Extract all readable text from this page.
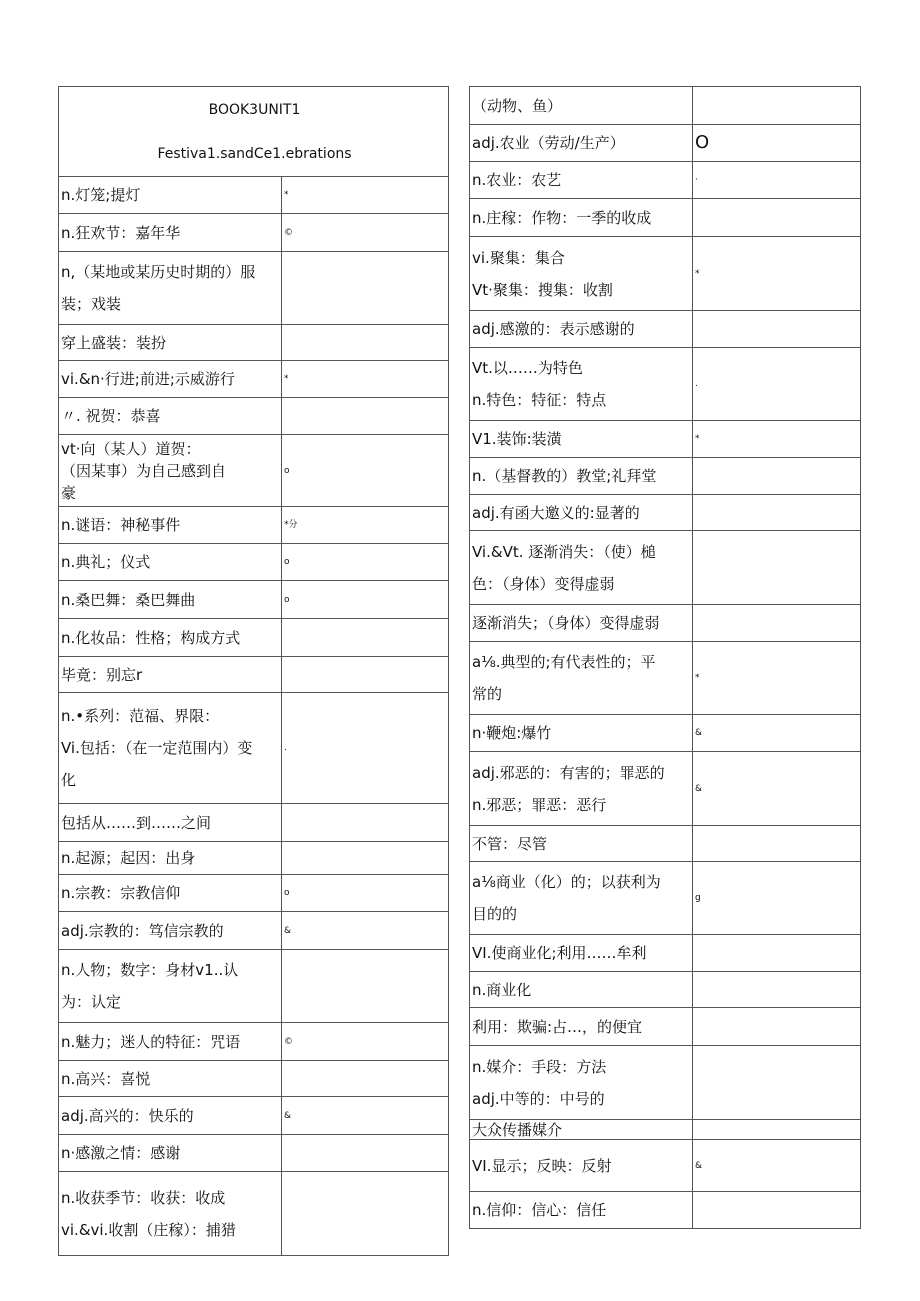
BOOK3UNIT1
Festiva1.sandCe1.ebrations	

n.灯笼;提灯	*

n.狂欢节：嘉年华	©

n,（某地或某历史时期的）服
装；戏装	

穿上盛装：装扮	

vi.&n·行进;前进;示威游行	*

〃. 祝贺：恭喜	

vt·向（某人）道贺：
（因某事）为自己感到自
豪	o

n.谜语：神秘事件	*分

n.典礼；仪式	o

n.桑巴舞：桑巴舞曲	o

n.化妆品：性格；构成方式	

毕竟：别忘r	

n.•系列：范福、界限：
Vi.包括：（在一定范围内）变
化	.

包括从……到……之间	

n.起源；起因：出身	

n.宗教：宗教信仰	o

adj.宗教的：笃信宗教的	&

n.人物；数字：身材v1..认
为：认定	

n.魅力；迷人的特征：咒语	©

n.高兴：喜悦	

adj.高兴的：快乐的	&

n·感激之情：感谢	

n.收获季节：收获：收成
vi.&vi.收割（庄稼）：捕猎	

（动物、鱼）	

adj.农业（劳动/生产）	O

n.农业：农艺	·

n.庄稼：作物：一季的收成	

vi.聚集：集合
Vt·聚集：搜集：收割	*

adj.感激的：表示感谢的	

Vt.以……为特色
n.特色：特征：特点	.

V1.装饰:装潢	*

n.（基督教的）教堂;礼拜堂	

adj.有函大邀义的:显著的	

Vi.&Vt. 逐渐消失：（使）槌
色：（身体）变得虚弱	

逐渐消失；（身体）变得虚弱	

a⅛.典型的;有代表性的；平
常的	*

n·鞭炮:爆竹	&

adj.邪恶的：有害的；罪恶的
n.邪恶；罪恶：恶行	&

不管：尽管	

a⅛商业（化）的；以获利为
目的的	g

VI.使商业化;利用……牟利	

n.商业化	

利用：欺骗:占…，的便宜	

n.媒介：手段：方法
adj.中等的：中号的	

大众传播媒介	

VI.显示；反映：反射	&

n.信仰：信心：信任	
